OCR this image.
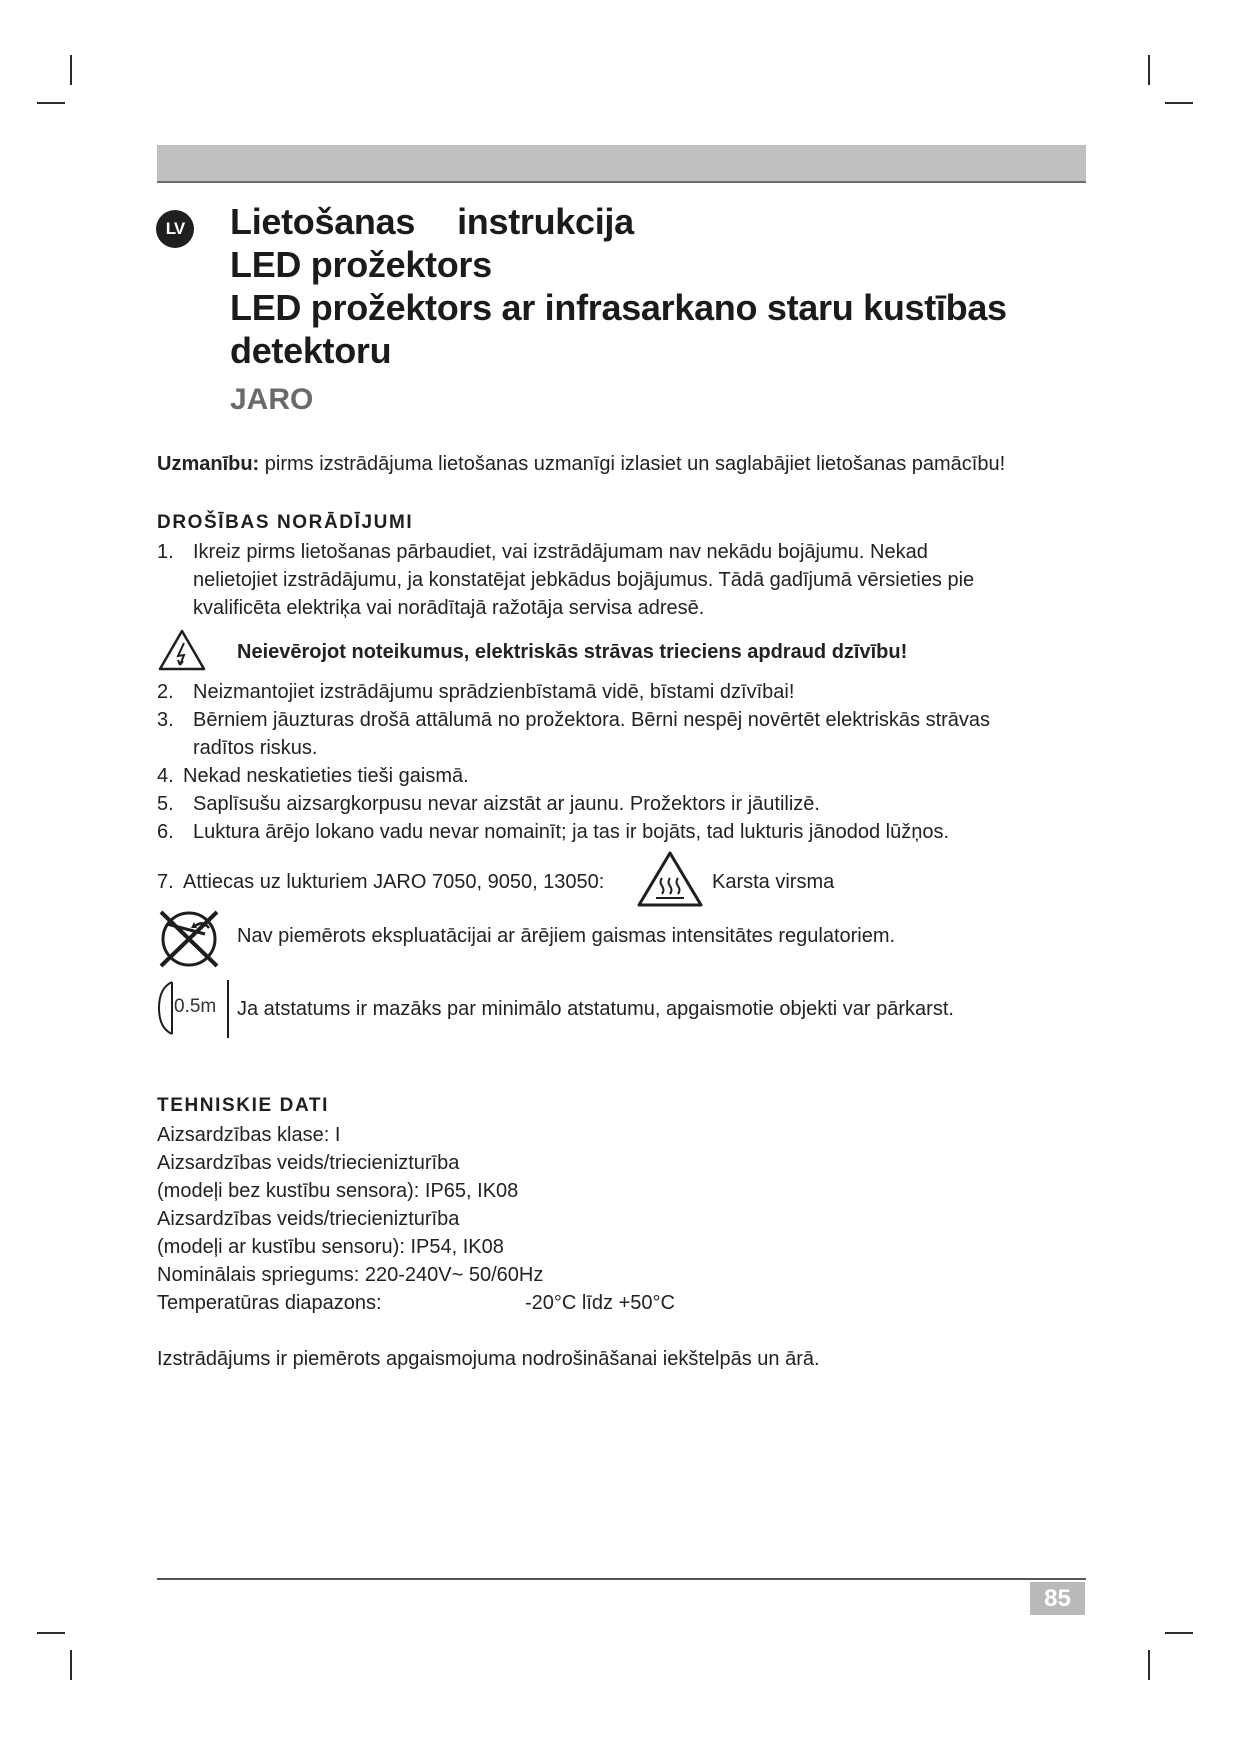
LV Lietošanas instrukcija
LED prožektors
LED prožektors ar infrasarkano staru kustības
detektoru
JARO
Uzmanību: pirms izstrādājuma lietošanas uzmanīgi izlasiet un saglabājiet lietošanas pamācību!
DROŠĪBAS NORĀDĪJUMI
1. Ikreiz pirms lietošanas pārbaudiet, vai izstrādājumam nav nekādu bojājumu. Nekad
nelietojiet izstrādājumu, ja konstatējat jebkādus bojājumus. Tādā gadījumā vērsieties pie
kvalificēta elektriķa vai norādītajā ražotāja servisa adresē.
Neievērojot noteikumus, elektriskās strāvas trieciens apdraud dzīvību!
2. Neizmantojiet izstrādājumu sprādzienbīstamā vidē, bīstami dzīvībai!
3. Bērniem jāuzturas drošā attālumā no prožektora. Bērni nespēj novērtēt elektriskās strāvas
radītos riskus.
4. Nekad neskatieties tieši gaismā.
5. Saplīsušu aizsargkorpusu nevar aizstāt ar jaunu. Prožektors ir jāutilizē.
6. Luktura ārējo lokano vadu nevar nomainīt; ja tas ir bojāts, tad lukturis jānodod lūžņos.
7. Attiecas uz lukturiem JARO 7050, 9050, 13050:	Karsta virsma
Nav piemērots ekspluatācijai ar ārējiem gaismas intensitātes regulatoriem.
0.5m Ja atstatums ir mazāks par minimālo atstatumu, apgaismotie objekti var pārkarst.
TEHNISKIE DATI
Aizsardzības klase: I
Aizsardzības veids/triecienizturība
(modeļi bez kustību sensora): IP65, IK08
Aizsardzības veids/triecienizturība
(modeļi ar kustību sensoru): IP54, IK08
Nominālais spriegums: 220-240V~ 50/60Hz
Temperatūras diapazons:	-20°C līdz +50°C
Izstrādājums ir piemērots apgaismojuma nodrošināšanai iekštelpās un ārā.
85
